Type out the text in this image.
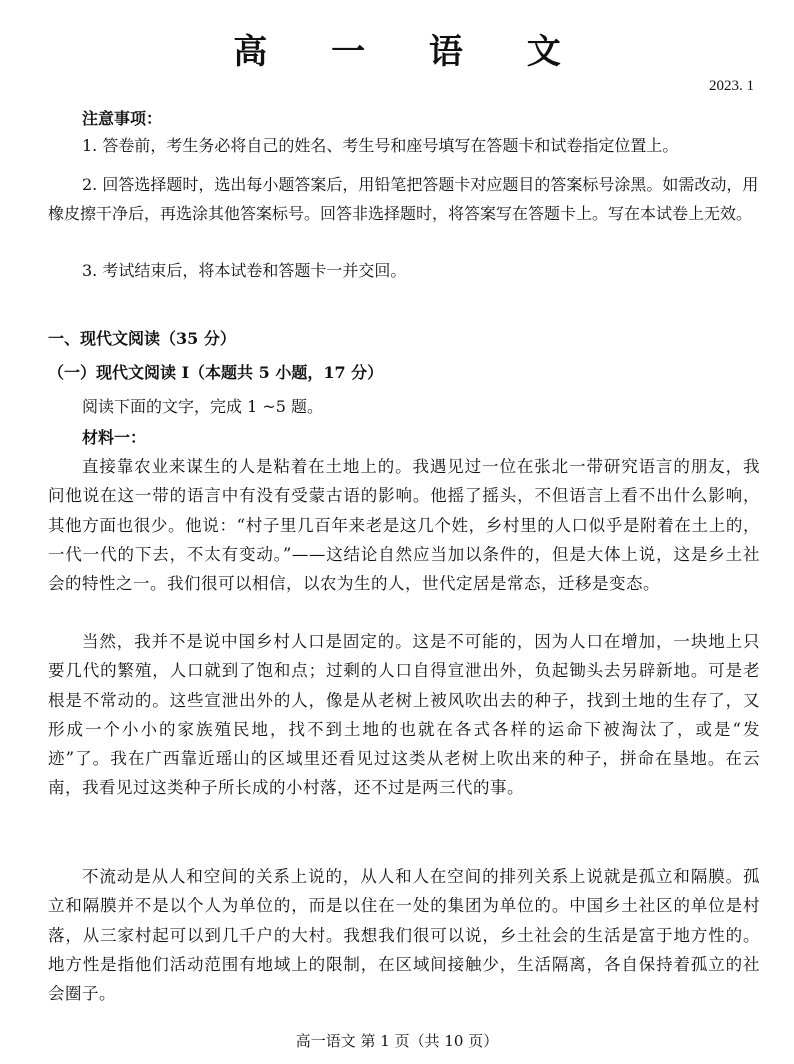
高 一 语 文
2023. 1
注意事项：

1. 答卷前，考生务必将自己的姓名、考生号和座号填写在答题卡和试卷指定位置上。

2. 回答选择题时，选出每小题答案后，用铅笔把答题卡对应题目的答案标号涂黑。如需改动，用橡皮擦干净后，再选涂其他答案标号。回答非选择题时，将答案写在答题卡上。写在本试卷上无效。

3. 考试结束后，将本试卷和答题卡一并交回。

一、现代文阅读（35 分）
（一）现代文阅读 I（本题共 5 小题，17 分）
阅读下面的文字，完成 1 ~5 题。
材料一：

直接靠农业来谋生的人是粘着在土地上的。我遇见过一位在张北一带研究语言的朋友，我问他说在这一带的语言中有没有受蒙古语的影响。他摇了摇头，不但语言上看不出什么影响，其他方面也很少。他说：“村子里几百年来老是这几个姓，乡村里的人口似乎是附着在土上的，一代一代的下去，不太有变动。”——这结论自然应当加以条件的，但是大体上说，这是乡土社会的特性之一。我们很可以相信，以农为生的人，世代定居是常态，迁移是变态。

当然，我并不是说中国乡村人口是固定的。这是不可能的，因为人口在增加，一块地上只要几代的繁殖，人口就到了饱和点；过剩的人口自得宣泄出外，负起锄头去另辟新地。可是老根是不常动的。这些宣泄出外的人，像是从老树上被风吹出去的种子，找到土地的生存了，又形成一个小小的家族殖民地，找不到土地的也就在各式各样的运命下被淘汰了，或是“发迹”了。我在广西靠近瑶山的区域里还看见过这类从老树上吹出来的种子，拼命在垦地。在云南，我看见过这类种子所长成的小村落，还不过是两三代的事。

不流动是从人和空间的关系上说的，从人和人在空间的排列关系上说就是孤立和隔膜。孤立和隔膜并不是以个人为单位的，而是以住在一处的集团为单位的。中国乡土社区的单位是村落，从三家村起可以到几千户的大村。我想我们很可以说，乡土社会的生活是富于地方性的。地方性是指他们活动范围有地域上的限制，在区域间接触少，生活隔离，各自保持着孤立的社会圈子。

高一语文 第 1 页（共 10 页）
